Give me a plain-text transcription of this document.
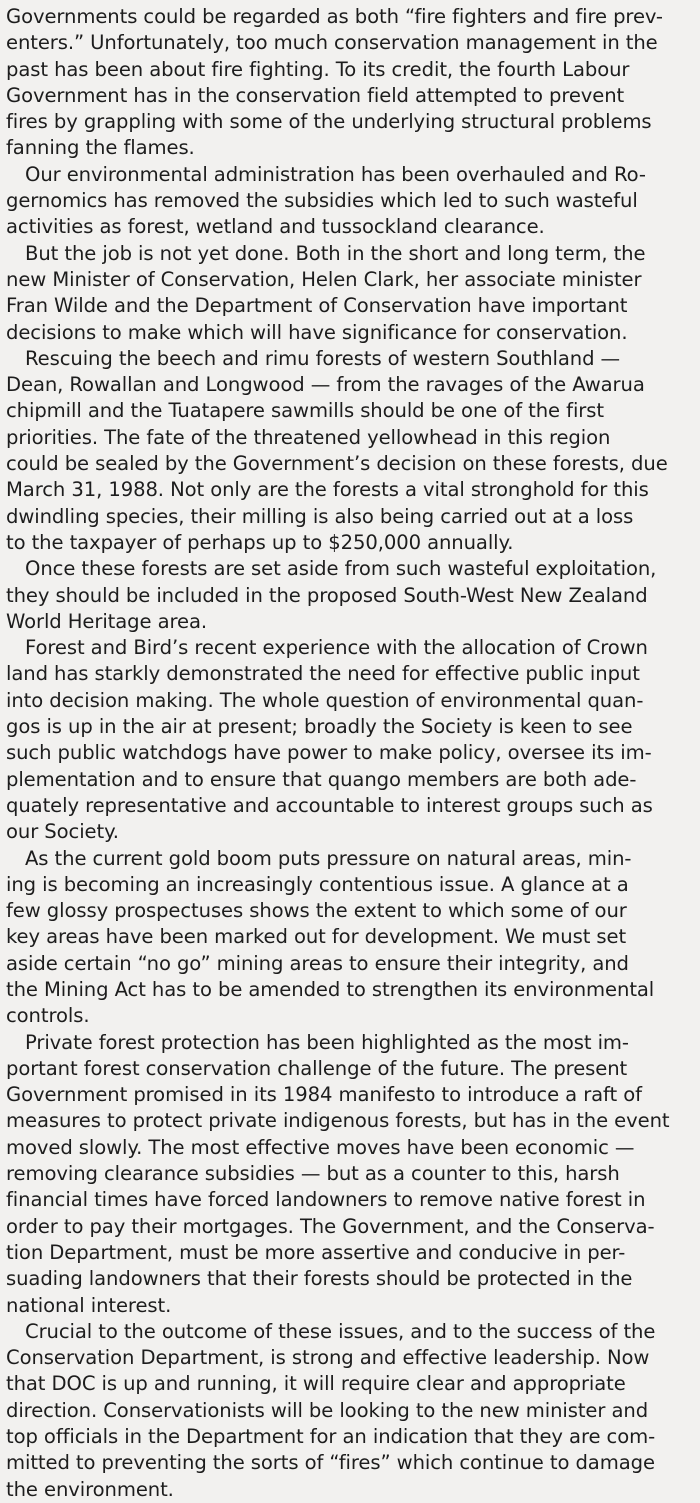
Governments could be regarded as both “fire fighters and fire prev-
enters.” Unfortunately, too much conservation management in the
past has been about fire fighting. To its credit, the fourth Labour
Government has in the conservation field attempted to prevent
fires by grappling with some of the underlying structural problems
fanning the flames.
Our environmental administration has been overhauled and Ro-
gernomics has removed the subsidies which led to such wasteful
activities as forest, wetland and tussockland clearance.
But the job is not yet done. Both in the short and long term, the
new Minister of Conservation, Helen Clark, her associate minister
Fran Wilde and the Department of Conservation have important
decisions to make which will have significance for conservation.
Rescuing the beech and rimu forests of western Southland —
Dean, Rowallan and Longwood — from the ravages of the Awarua
chipmill and the Tuatapere sawmills should be one of the first
priorities. The fate of the threatened yellowhead in this region
could be sealed by the Government’s decision on these forests, due
March 31, 1988. Not only are the forests a vital stronghold for this
dwindling species, their milling is also being carried out at a loss
to the taxpayer of perhaps up to $250,000 annually.
Once these forests are set aside from such wasteful exploitation,
they should be included in the proposed South-West New Zealand
World Heritage area.
Forest and Bird’s recent experience with the allocation of Crown
land has starkly demonstrated the need for effective public input
into decision making. The whole question of environmental quan-
gos is up in the air at present; broadly the Society is keen to see
such public watchdogs have power to make policy, oversee its im-
plementation and to ensure that quango members are both ade-
quately representative and accountable to interest groups such as
our Society.
As the current gold boom puts pressure on natural areas, min-
ing is becoming an increasingly contentious issue. A glance at a
few glossy prospectuses shows the extent to which some of our
key areas have been marked out for development. We must set
aside certain “no go” mining areas to ensure their integrity, and
the Mining Act has to be amended to strengthen its environmental
controls.
Private forest protection has been highlighted as the most im-
portant forest conservation challenge of the future. The present
Government promised in its 1984 manifesto to introduce a raft of
measures to protect private indigenous forests, but has in the event
moved slowly. The most effective moves have been economic —
removing clearance subsidies — but as a counter to this, harsh
financial times have forced landowners to remove native forest in
order to pay their mortgages. The Government, and the Conserva-
tion Department, must be more assertive and conducive in per-
suading landowners that their forests should be protected in the
national interest.
Crucial to the outcome of these issues, and to the success of the
Conservation Department, is strong and effective leadership. Now
that DOC is up and running, it will require clear and appropriate
direction. Conservationists will be looking to the new minister and
top officials in the Department for an indication that they are com-
mitted to preventing the sorts of “fires” which continue to damage
the environment.
